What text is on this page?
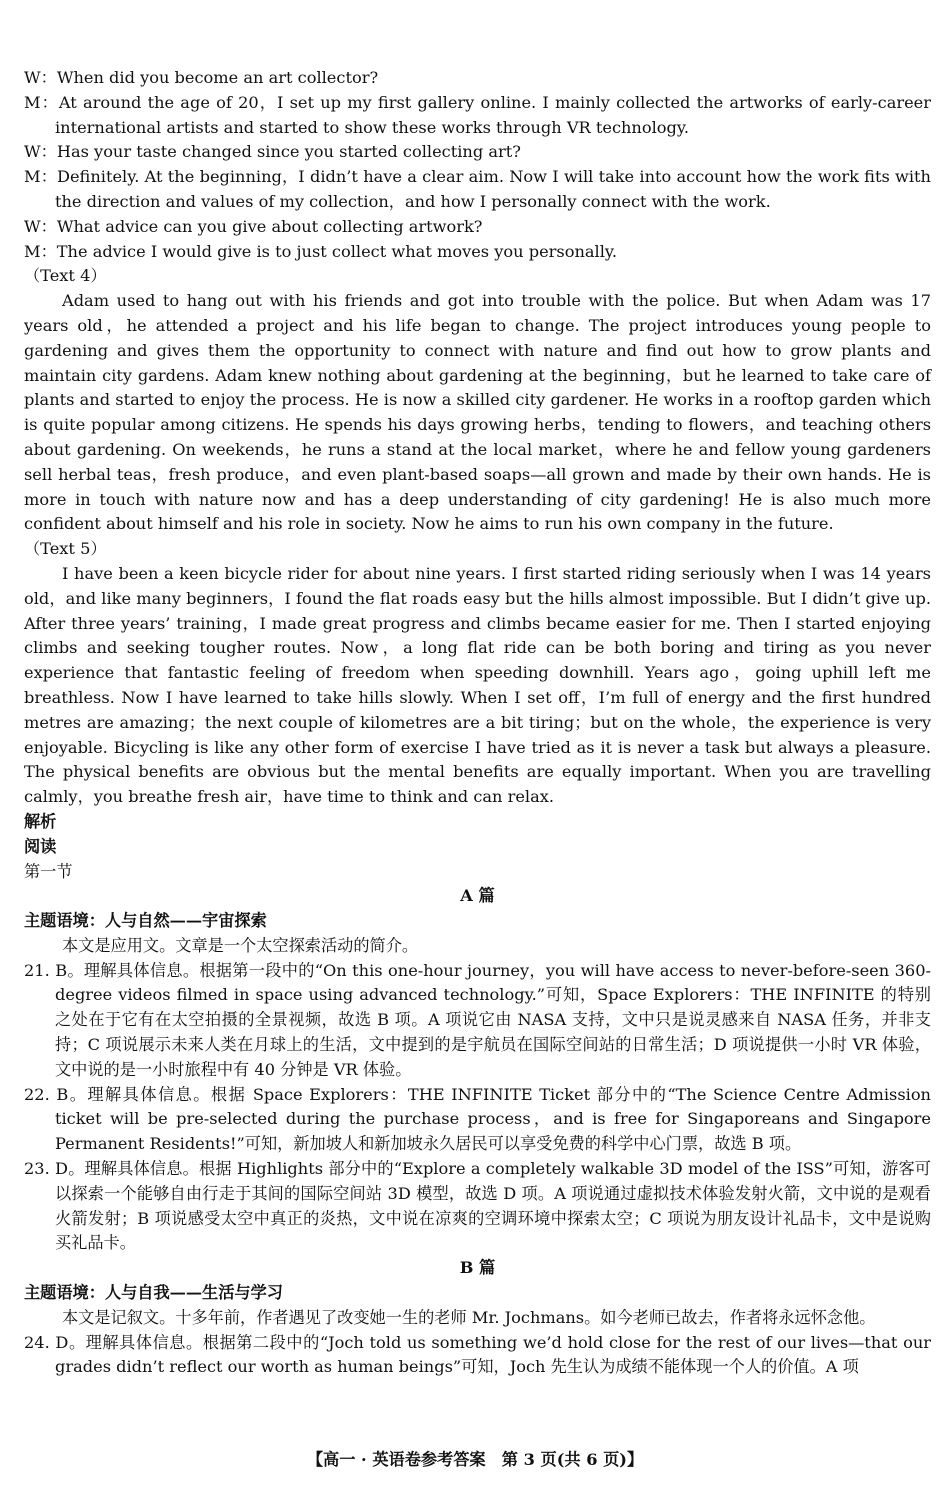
W：When did you become an art collector?

M：At around the age of 20，I set up my first gallery online. I mainly collected the artworks of early-career international artists and started to show these works through VR technology.

W：Has your taste changed since you started collecting art?

M：Definitely. At the beginning，I didn’t have a clear aim. Now I will take into account how the work fits with the direction and values of my collection，and how I personally connect with the work.

W：What advice can you give about collecting artwork?

M：The advice I would give is to just collect what moves you personally.

（Text 4）

Adam used to hang out with his friends and got into trouble with the police. But when Adam was 17 years old，he attended a project and his life began to change. The project introduces young people to gardening and gives them the opportunity to connect with nature and find out how to grow plants and maintain city gardens. Adam knew nothing about gardening at the beginning，but he learned to take care of plants and started to enjoy the process. He is now a skilled city gardener. He works in a rooftop garden which is quite popular among citizens. He spends his days growing herbs，tending to flowers，and teaching others about gardening. On weekends，he runs a stand at the local market，where he and fellow young gardeners sell herbal teas，fresh produce，and even plant-based soaps—all grown and made by their own hands. He is more in touch with nature now and has a deep understanding of city gardening! He is also much more confident about himself and his role in society. Now he aims to run his own company in the future.

（Text 5）

I have been a keen bicycle rider for about nine years. I first started riding seriously when I was 14 years old，and like many beginners，I found the flat roads easy but the hills almost impossible. But I didn’t give up. After three years’ training，I made great progress and climbs became easier for me. Then I started enjoying climbs and seeking tougher routes. Now，a long flat ride can be both boring and tiring as you never experience that fantastic feeling of freedom when speeding downhill. Years ago，going uphill left me breathless. Now I have learned to take hills slowly. When I set off，I’m full of energy and the first hundred metres are amazing；the next couple of kilometres are a bit tiring；but on the whole，the experience is very enjoyable. Bicycling is like any other form of exercise I have tried as it is never a task but always a pleasure. The physical benefits are obvious but the mental benefits are equally important. When you are travelling calmly，you breathe fresh air，have time to think and can relax.

解析

阅读

第一节

A 篇

主题语境：人与自然——宇宙探索

本文是应用文。文章是一个太空探索活动的简介。

21. B。理解具体信息。根据第一段中的“On this one-hour journey，you will have access to never-before-seen 360-degree videos filmed in space using advanced technology.”可知，Space Explorers：THE INFINITE 的特别之处在于它有在太空拍摄的全景视频，故选 B 项。A 项说它由 NASA 支持，文中只是说灵感来自 NASA 任务，并非支持；C 项说展示未来人类在月球上的生活，文中提到的是宇航员在国际空间站的日常生活；D 项说提供一小时 VR 体验，文中说的是一小时旅程中有 40 分钟是 VR 体验。

22. B。理解具体信息。根据 Space Explorers：THE INFINITE Ticket 部分中的“The Science Centre Admission ticket will be pre-selected during the purchase process，and is free for Singaporeans and Singapore Permanent Residents!”可知，新加坡人和新加坡永久居民可以享受免费的科学中心门票，故选 B 项。

23. D。理解具体信息。根据 Highlights 部分中的“Explore a completely walkable 3D model of the ISS”可知，游客可以探索一个能够自由行走于其间的国际空间站 3D 模型，故选 D 项。A 项说通过虚拟技术体验发射火箭，文中说的是观看火箭发射；B 项说感受太空中真正的炎热，文中说在凉爽的空调环境中探索太空；C 项说为朋友设计礼品卡，文中是说购买礼品卡。

B 篇

主题语境：人与自我——生活与学习

本文是记叙文。十多年前，作者遇见了改变她一生的老师 Mr. Jochmans。如今老师已故去，作者将永远怀念他。

24. D。理解具体信息。根据第二段中的“Joch told us something we’d hold close for the rest of our lives—that our grades didn’t reflect our worth as human beings”可知，Joch 先生认为成绩不能体现一个人的价值。A 项

【高一 · 英语卷参考答案　第 3 页(共 6 页)】
